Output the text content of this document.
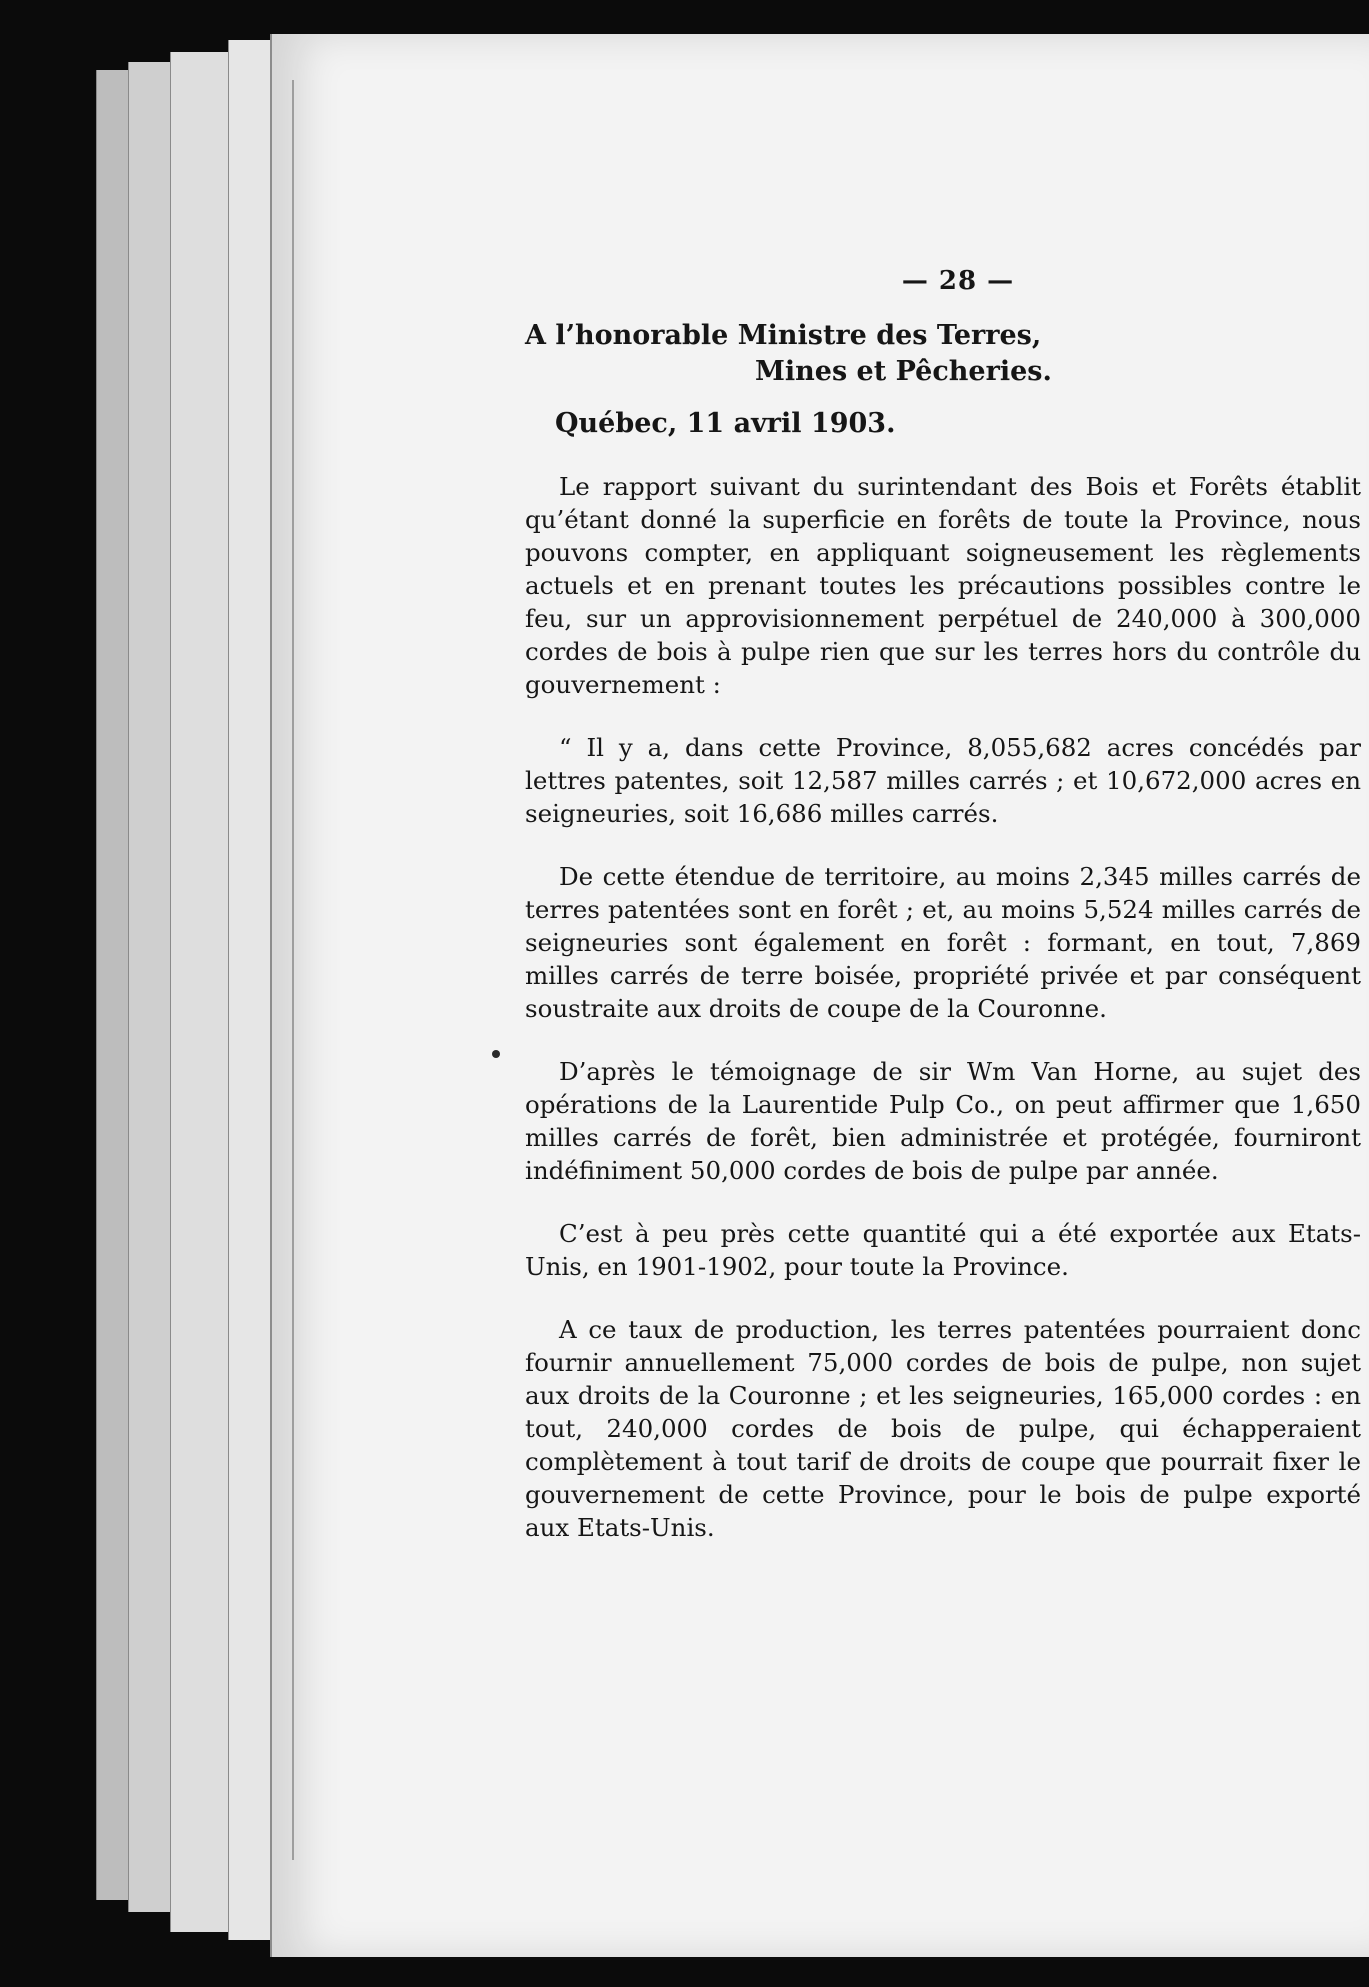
— 28 —
A l’honorable Ministre des Terres,
Mines et Pêcheries.
Québec, 11 avril 1903.

Le rapport suivant du surintendant des Bois et Forêts établit qu’étant donné la superficie en forêts de toute la Province, nous pouvons compter, en appliquant soigneusement les règlements actuels et en prenant toutes les précautions possibles contre le feu, sur un approvisionnement perpétuel de 240,000 à 300,000 cordes de bois à pulpe rien que sur les terres hors du contrôle du gouvernement :

“ Il y a, dans cette Province, 8,055,682 acres concédés par lettres patentes, soit 12,587 milles carrés ; et 10,672,000 acres en seigneuries, soit 16,686 milles carrés.

De cette étendue de territoire, au moins 2,345 milles carrés de terres patentées sont en forêt ; et, au moins 5,524 milles carrés de seigneuries sont également en forêt : formant, en tout, 7,869 milles carrés de terre boisée, propriété privée et par conséquent soustraite aux droits de coupe de la Couronne.

D’après le témoignage de sir Wm Van Horne, au sujet des opérations de la Laurentide Pulp Co., on peut affirmer que 1,650 milles carrés de forêt, bien administrée et protégée, fourniront indéfiniment 50,000 cordes de bois de pulpe par année.

C’est à peu près cette quantité qui a été exportée aux Etats-Unis, en 1901-1902, pour toute la Province.

A ce taux de production, les terres patentées pourraient donc fournir annuellement 75,000 cordes de bois de pulpe, non sujet aux droits de la Couronne ; et les seigneuries, 165,000 cordes : en tout, 240,000 cordes de bois de pulpe, qui échapperaient complètement à tout tarif de droits de coupe que pourrait fixer le gouvernement de cette Province, pour le bois de pulpe exporté aux Etats-Unis.
